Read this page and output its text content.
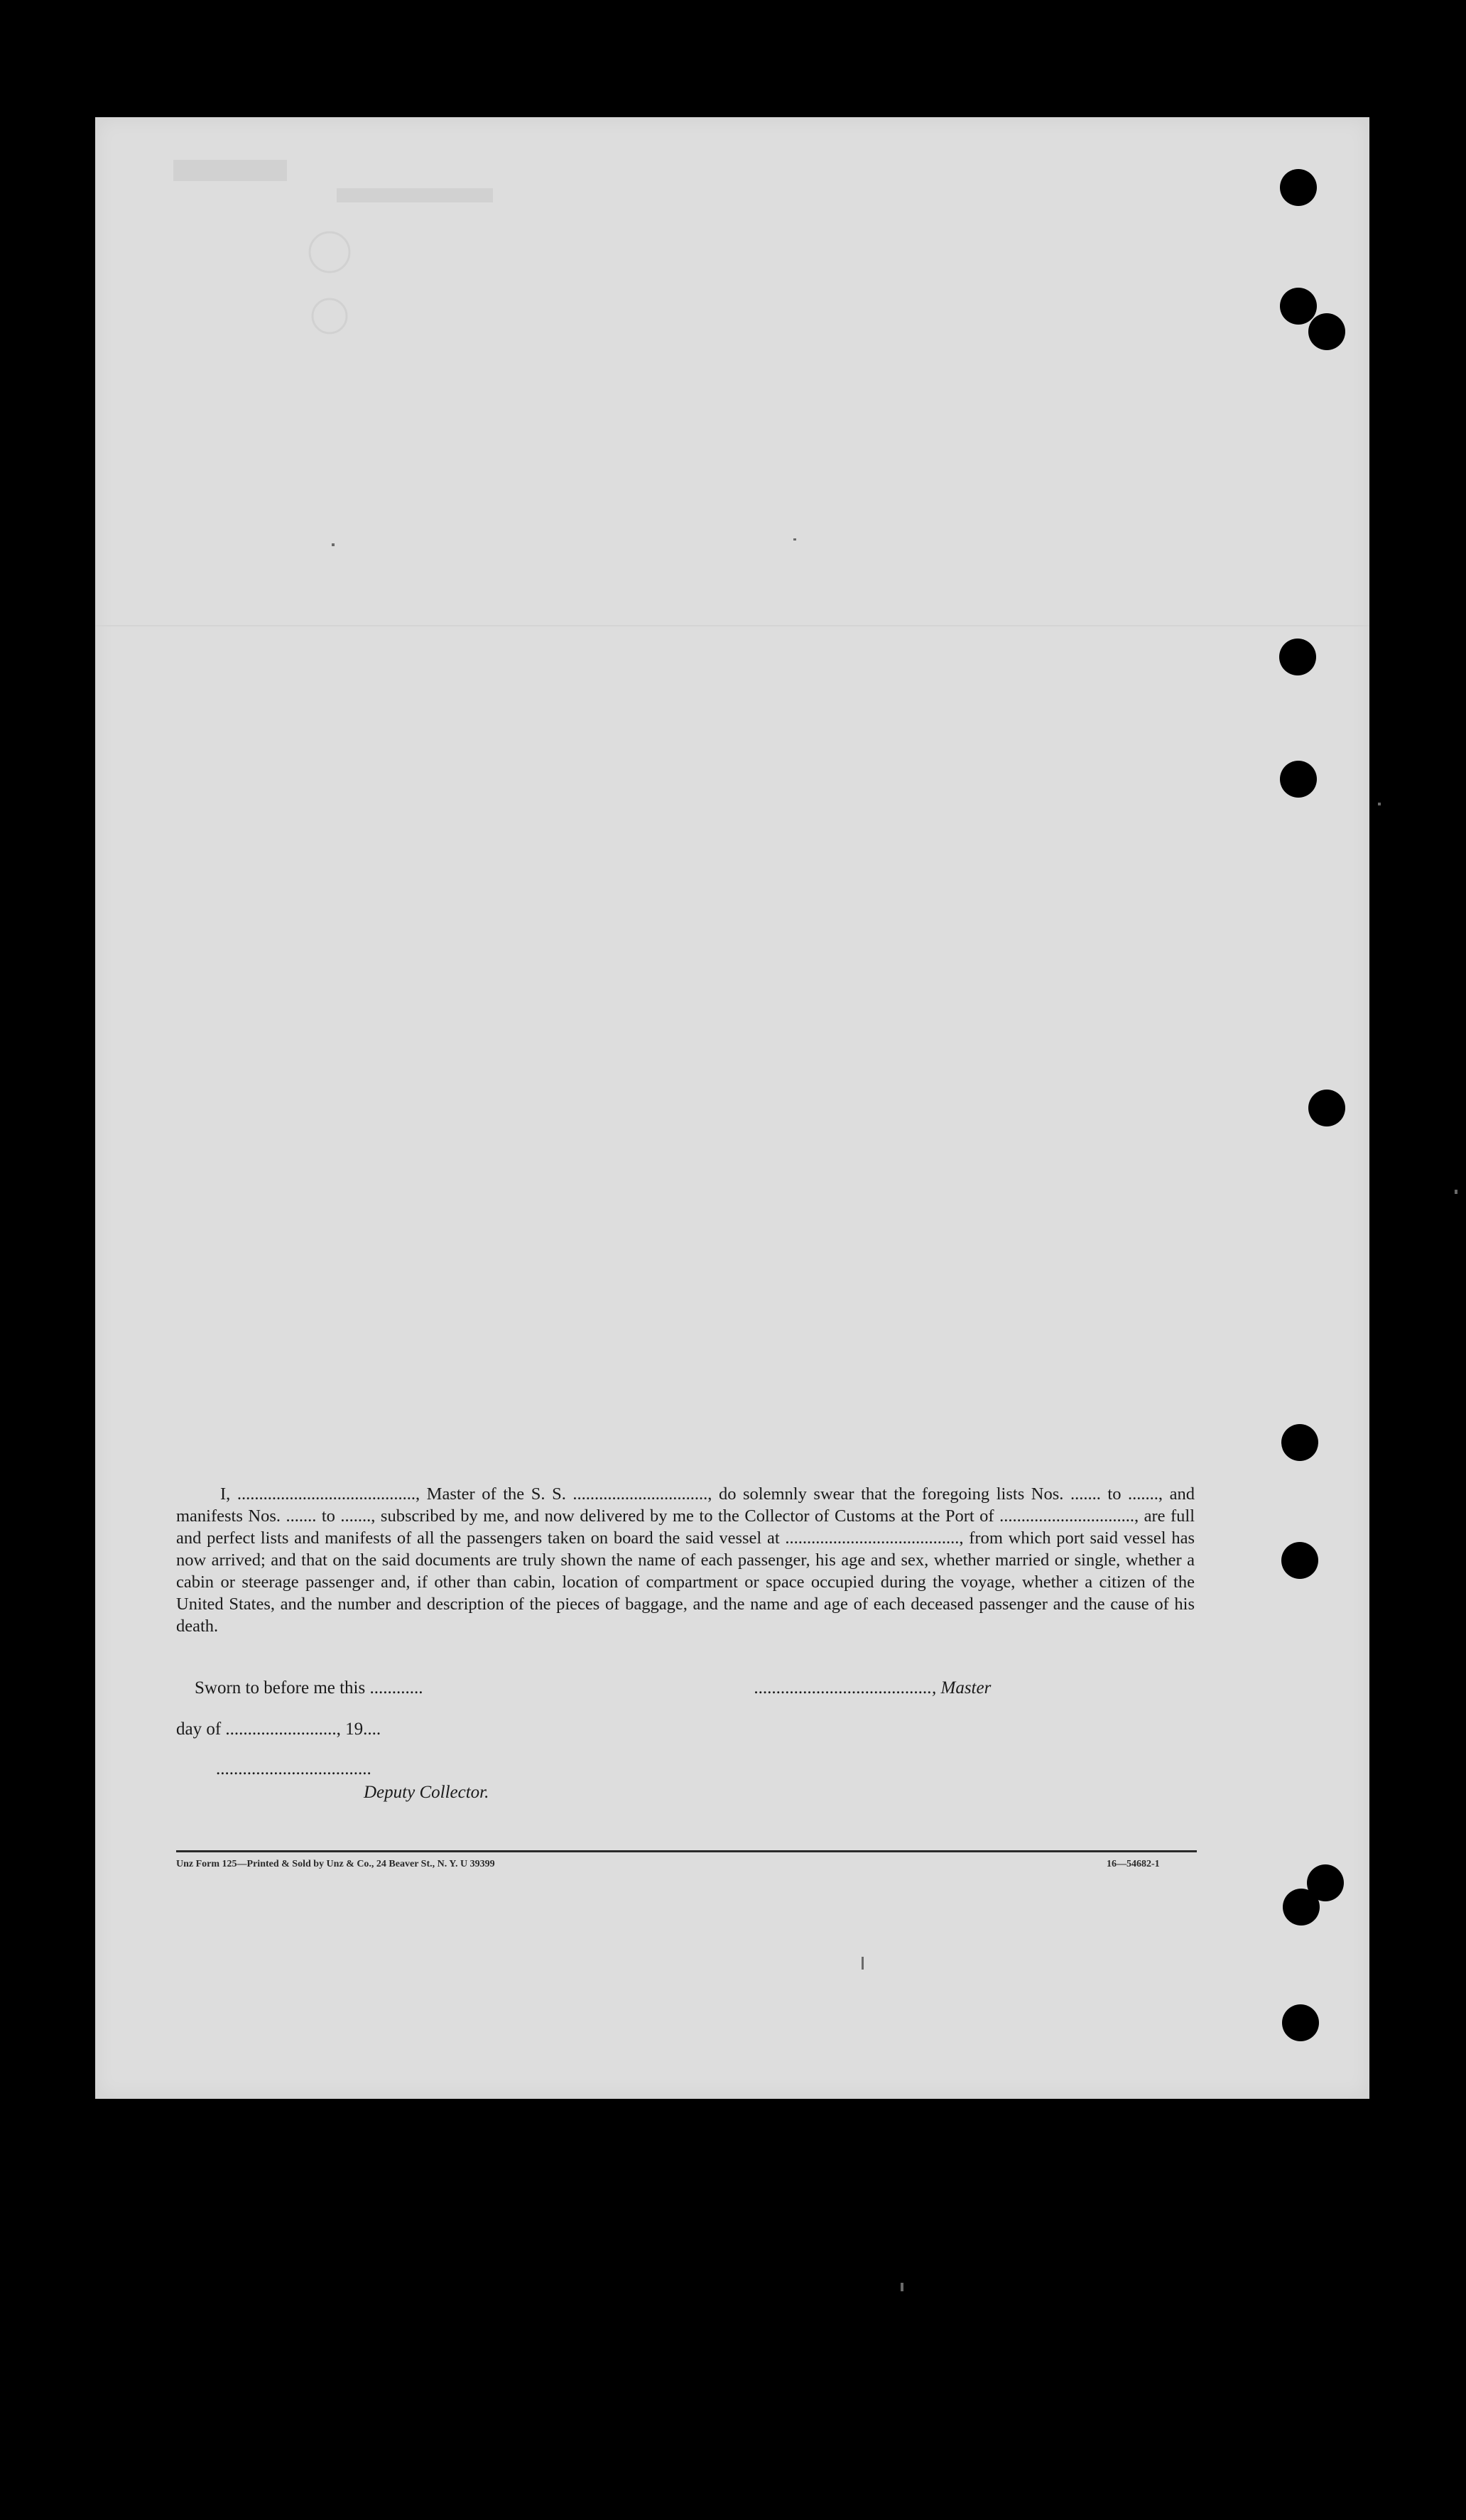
I, ........................................., Master of the S. S. ..............................., do solemnly swear that the foregoing lists Nos. ....... to ......., and manifests Nos. ....... to ......., subscribed by me, and now delivered by me to the Collector of Customs at the Port of ..............................., are full and perfect lists and manifests of all the passengers taken on board the said vessel at ........................................, from which port said vessel has now arrived; and that on the said documents are truly shown the name of each passenger, his age and sex, whether married or single, whether a cabin or steerage passenger and, if other than cabin, location of compartment or space occupied during the voyage, whether a citizen of the United States, and the number and description of the pieces of baggage, and the name and age of each deceased passenger and the cause of his death.

Sworn to before me this ............	........................................, Master
day of ........................., 19....
...................................
Deputy Collector.
Unz Form 125—Printed & Sold by Unz & Co., 24 Beaver St., N. Y. U 39399	16—54682-1
